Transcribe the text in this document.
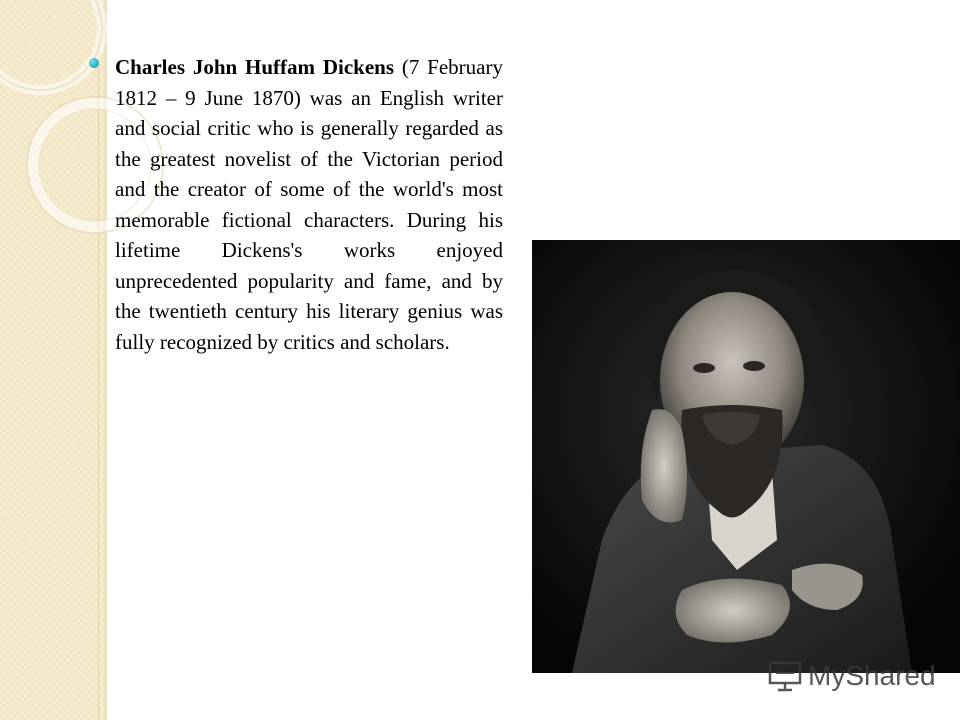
Charles John Huffam Dickens (7 February 1812 – 9 June 1870) was an English writer and social critic who is generally regarded as the greatest novelist of the Victorian period and the creator of some of the world's most memorable fictional characters. During his lifetime Dickens's works enjoyed unprecedented popularity and fame, and by the twentieth century his literary genius was fully recognized by critics and scholars.
MyShared
